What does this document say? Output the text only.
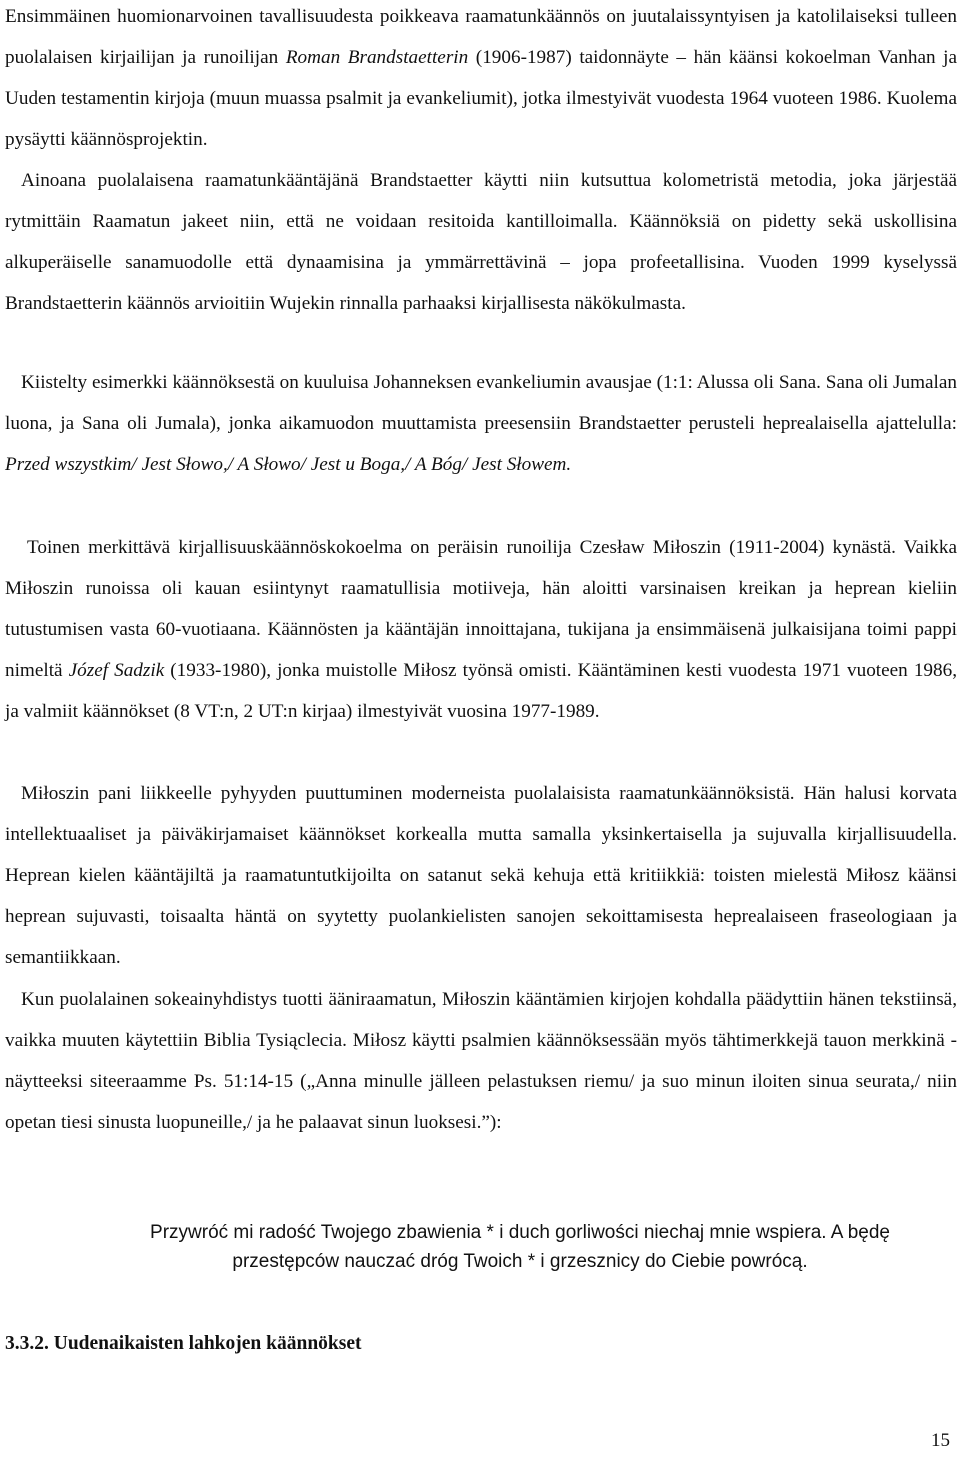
Ensimmäinen huomionarvoinen tavallisuudesta poikkeava raamatunkäännös on juutalaissyntyisen ja katolilaiseksi tulleen puolalaisen kirjailijan ja runoilijan Roman Brandstaetterin (1906-1987) taidonnäyte – hän käänsi kokoelman Vanhan ja Uuden testamentin kirjoja (muun muassa psalmit ja evankeliumit), jotka ilmestyivät vuodesta 1964 vuoteen 1986. Kuolema pysäytti käännösprojektin.

Ainoana puolalaisena raamatunkääntäjänä Brandstaetter käytti niin kutsuttua kolometristä metodia, joka järjestää rytmittäin Raamatun jakeet niin, että ne voidaan resitoida kantilloimalla. Käännöksiä on pidetty sekä uskollisina alkuperäiselle sanamuodolle että dynaamisina ja ymmärrettävinä – jopa profeetallisina. Vuoden 1999 kyselyssä Brandstaetterin käännös arvioitiin Wujekin rinnalla parhaaksi kirjallisesta näkökulmasta.

Kiistelty esimerkki käännöksestä on kuuluisa Johanneksen evankeliumin avausjae (1:1: Alussa oli Sana. Sana oli Jumalan luona, ja Sana oli Jumala), jonka aikamuodon muuttamista preesensiin Brandstaetter perusteli heprealaisella ajattelulla: Przed wszystkim/ Jest Słowo,/ A Słowo/ Jest u Boga,/ A Bóg/ Jest Słowem.

Toinen merkittävä kirjallisuuskäännöskokoelma on peräisin runoilija Czesław Miłoszin (1911-2004) kynästä. Vaikka Miłoszin runoissa oli kauan esiintynyt raamatullisia motiiveja, hän aloitti varsinaisen kreikan ja heprean kieliin tutustumisen vasta 60-vuotiaana. Käännösten ja kääntäjän innoittajana, tukijana ja ensimmäisenä julkaisijana toimi pappi nimeltä Józef Sadzik (1933-1980), jonka muistolle Miłosz työnsä omisti. Kääntäminen kesti vuodesta 1971 vuoteen 1986, ja valmiit käännökset (8 VT:n, 2 UT:n kirjaa) ilmestyivät vuosina 1977-1989.

Miłoszin pani liikkeelle pyhyyden puuttuminen moderneista puolalaisista raamatunkäännöksistä. Hän halusi korvata intellektuaaliset ja päiväkirjamaiset käännökset korkealla mutta samalla yksinkertaisella ja sujuvalla kirjallisuudella. Heprean kielen kääntäjiltä ja raamatuntutkijoilta on satanut sekä kehuja että kritiikkiä: toisten mielestä Miłosz käänsi heprean sujuvasti, toisaalta häntä on syytetty puolankielisten sanojen sekoittamisesta heprealaiseen fraseologiaan ja semantiikkaan.

Kun puolalainen sokeainyhdistys tuotti ääniraamatun, Miłoszin kääntämien kirjojen kohdalla päädyttiin hänen tekstiinsä, vaikka muuten käytettiin Biblia Tysiąclecia. Miłosz käytti psalmien käännöksessään myös tähtimerkkejä tauon merkkinä - näytteeksi siteeraamme Ps. 51:14-15 („Anna minulle jälleen pelastuksen riemu/ ja suo minun iloiten sinua seurata,/ niin opetan tiesi sinusta luopuneille,/ ja he palaavat sinun luoksesi.”):

Przywróć mi radość Twojego zbawienia * i duch gorliwości niechaj mnie wspiera. A będę
przestępców nauczać dróg Twoich * i grzesznicy do Ciebie powrócą.
3.3.2. Uudenaikaisten lahkojen käännökset
15
